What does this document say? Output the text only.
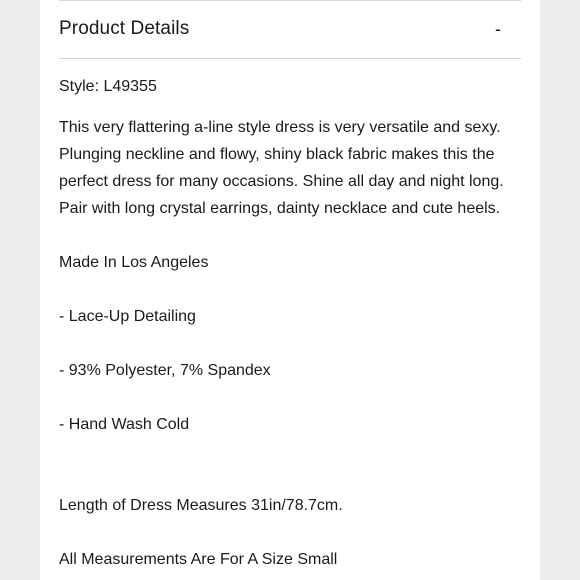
Product Details	-

Style: L49355

This very flattering a-line style dress is very versatile and sexy. Plunging neckline and flowy, shiny black fabric makes this the perfect dress for many occasions. Shine all day and night long. Pair with long crystal earrings, dainty necklace and cute heels.

Made In Los Angeles

- Lace-Up Detailing

- 93% Polyester, 7% Spandex

- Hand Wash Cold

Length of Dress Measures 31in/78.7cm.

All Measurements Are For A Size Small
